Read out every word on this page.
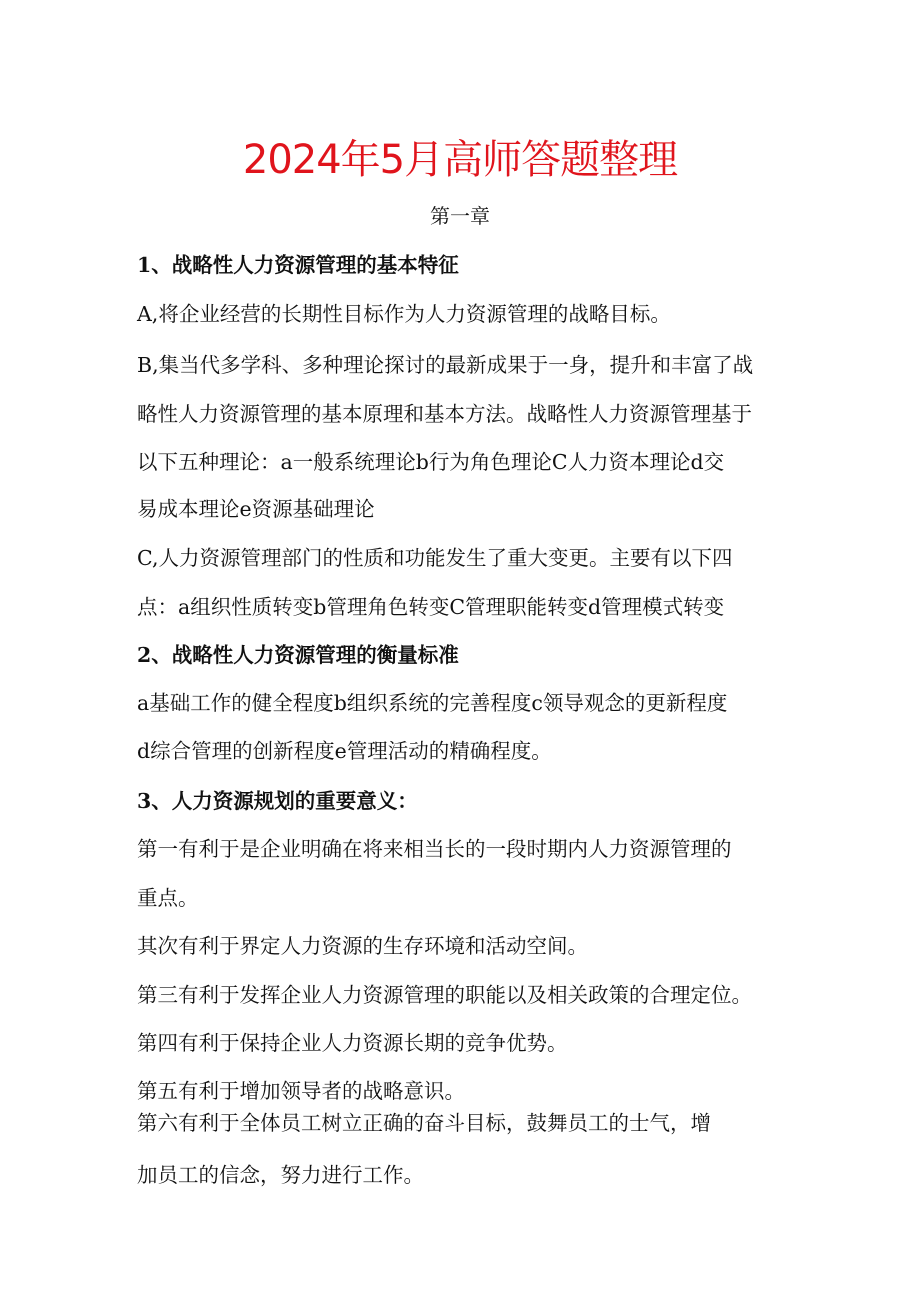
2024年5月高师答题整理
第一章
1、战略性人力资源管理的基本特征
A,将企业经营的长期性目标作为人力资源管理的战略目标。
B,集当代多学科、多种理论探讨的最新成果于一身，提升和丰富了战
略性人力资源管理的基本原理和基本方法。战略性人力资源管理基于
以下五种理论：a一般系统理论b行为角色理论C人力资本理论d交
易成本理论e资源基础理论
C,人力资源管理部门的性质和功能发生了重大变更。主要有以下四
点：a组织性质转变b管理角色转变C管理职能转变d管理模式转变
2、战略性人力资源管理的衡量标准
a基础工作的健全程度b组织系统的完善程度c领导观念的更新程度
d综合管理的创新程度e管理活动的精确程度。
3、人力资源规划的重要意义：
第一有利于是企业明确在将来相当长的一段时期内人力资源管理的
重点。
其次有利于界定人力资源的生存环境和活动空间。
第三有利于发挥企业人力资源管理的职能以及相关政策的合理定位。
第四有利于保持企业人力资源长期的竞争优势。
第五有利于增加领导者的战略意识。
第六有利于全体员工树立正确的奋斗目标，鼓舞员工的士气，增
加员工的信念，努力进行工作。
